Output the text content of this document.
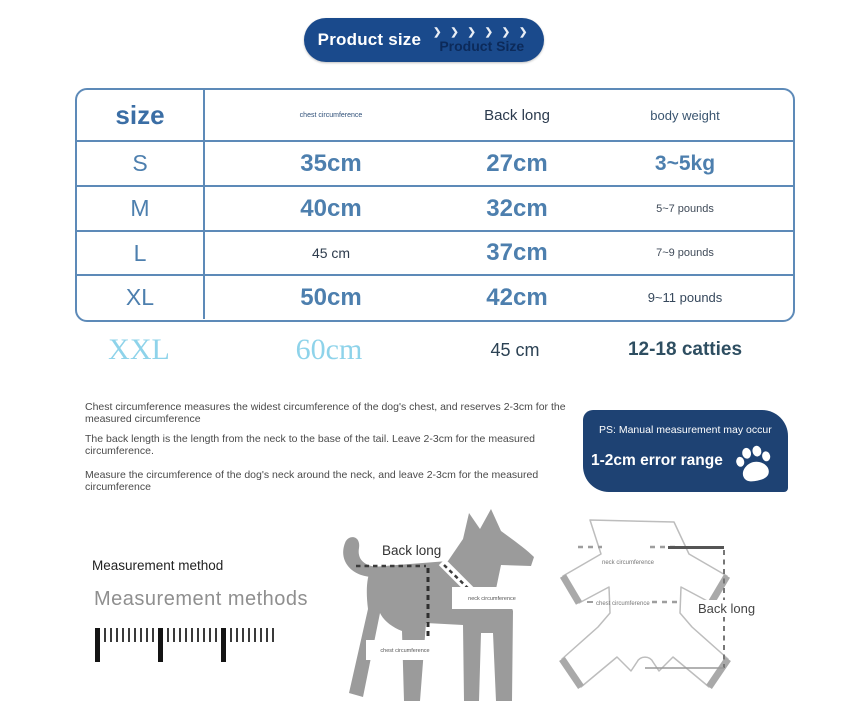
Product size ❯ ❯ ❯ ❯ ❯ ❯
Product Size
size	chest circumference	Back long	body weight
S	35cm	27cm	3~5kg
M	40cm	32cm	5~7 pounds
L	45 cm	37cm	7~9 pounds
XL	50cm	42cm	9~11 pounds
XXL	60cm	45 cm	12-18 catties
Chest circumference measures the widest circumference of the dog's chest, and reserves 2-3cm for the measured circumference
The back length is the length from the neck to the base of the tail. Leave 2-3cm for the measured circumference.
Measure the circumference of the dog's neck around the neck, and leave 2-3cm for the measured circumference
PS: Manual measurement may occur
1-2cm error range
Measurement method
Measurement methods
Back long
neck circumference
chest circumference
neck circumference
chest circumference	Back long
